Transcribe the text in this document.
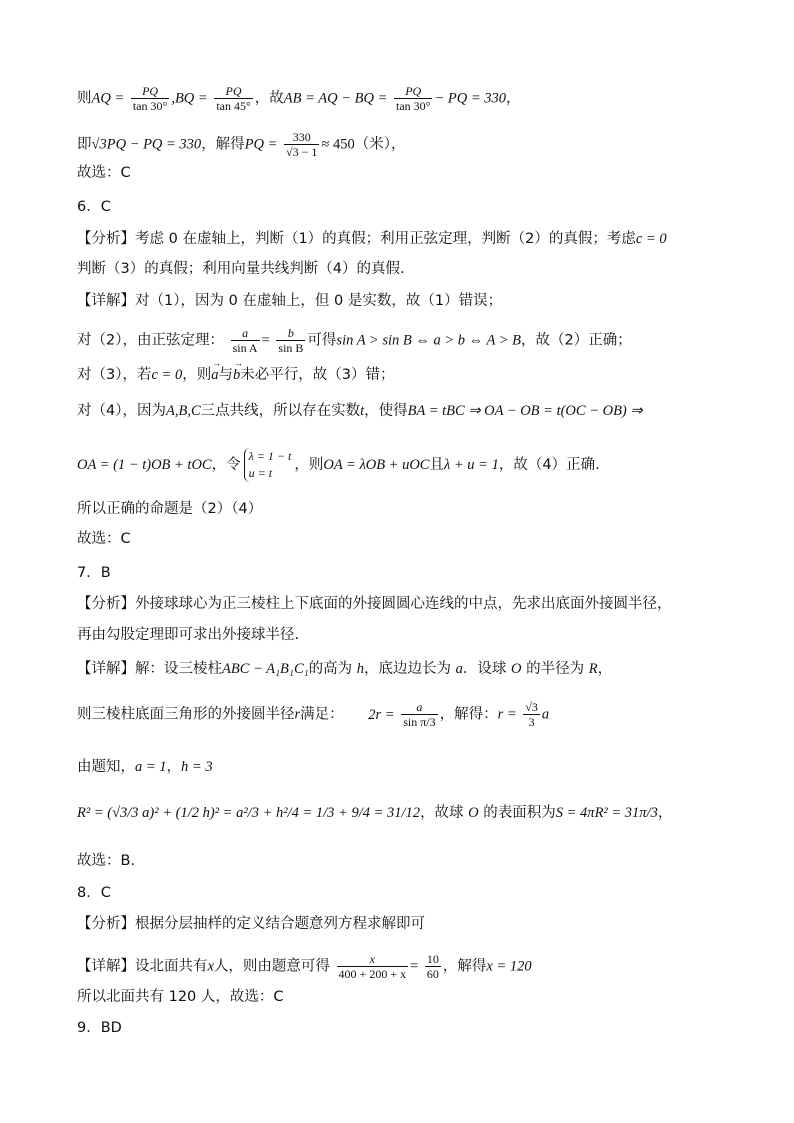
则AQ = $\frac{PQ}{\tan 30^\circ} ,BQ = \frac{PQ}{\tan 45^\circ}$ ，故AB = AQ − BQ = $\frac{PQ}{\tan 30^\circ}$ − PQ = 330，
即√3PQ − PQ = 330，解得PQ = $\frac{330}{√3 - 1} \approx 450$（米），
故选：C
6．C
【分析】考虑 0 在虚轴上，判断（1）的真假；利用正弦定理，判断（2）的真假；考虑c = 0
判断（3）的真假；利用向量共线判断（4）的真假.
【详解】对（1），因为 0 在虚轴上，但 0 是实数，故（1）错误；
对（2），由正弦定理： $\frac{a}{\text{sin A}} = \frac{b}{\text{sin B}}$ 可得sin A > sin B ⇔ a > b ⇔ A > B，故（2）正确；
对（3），若c = 0，则→ a与→ b未必平行，故（3）错；
对（4），因为A,B,C三点共线，所以存在实数t，使得BA = tBC ⇒ OA − OB = t(OC − OB) ⇒
OA = (1 − t)OB + tOC，令
λ = 1 − t
u = t	，则OA = λOB + uOC且λ + u = 1，故（4）正确.
所以正确的命题是（2）（4）
故选：C
7．B
【分析】外接球球心为正三棱柱上下底面的外接圆圆心连线的中点，先求出底面外接圆半径，
再由勾股定理即可求出外接球半径.
【详解】解：设三棱柱ABC − A₁B₁C₁的高为 h，底边边长为 a．设球 O 的半径为 R，
则三棱柱底面三角形的外接圆半径r满足： $2r = \frac{a}{\text{sin π/3}}$ ，解得：$r = \frac{√3}{3}$ a
由题知，a = 1，h = 3
R² = (√3/3 a)² + (1/2 h)² = a²/3 + h²/4 = 1/3 + 9/4 = 31/12，故球 O 的表面积为S = 4πR² = 31π/3，
故选：B.
8．C
【分析】根据分层抽样的定义结合题意列方程求解即可
【详解】设北面共有x人，则由题意可得 $\frac{x}{400 + 200 + x} = \frac{10}{60}$ ，解得x = 120
所以北面共有 120 人，故选：C
9．BD
